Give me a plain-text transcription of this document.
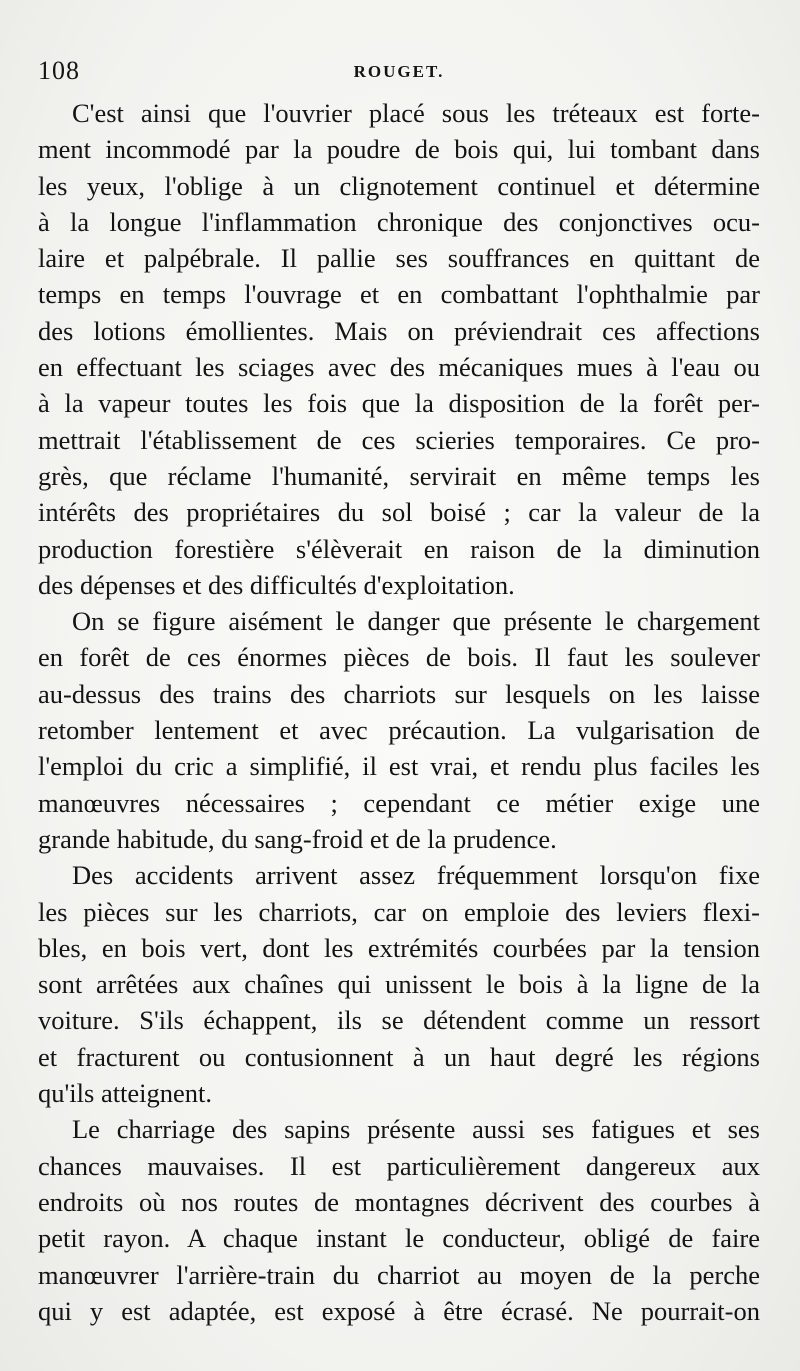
108	ROUGET.

C'est ainsi que l'ouvrier placé sous les tréteaux est forte-
ment incommodé par la poudre de bois qui, lui tombant dans
les yeux, l'oblige à un clignotement continuel et détermine
à la longue l'inflammation chronique des conjonctives ocu-
laire et palpébrale. Il pallie ses souffrances en quittant de
temps en temps l'ouvrage et en combattant l'ophthalmie par
des lotions émollientes. Mais on préviendrait ces affections
en effectuant les sciages avec des mécaniques mues à l'eau ou
à la vapeur toutes les fois que la disposition de la forêt per-
mettrait l'établissement de ces scieries temporaires. Ce pro-
grès, que réclame l'humanité, servirait en même temps les
intérêts des propriétaires du sol boisé ; car la valeur de la
production forestière s'élèverait en raison de la diminution
des dépenses et des difficultés d'exploitation.

On se figure aisément le danger que présente le chargement
en forêt de ces énormes pièces de bois. Il faut les soulever
au-dessus des trains des charriots sur lesquels on les laisse
retomber lentement et avec précaution. La vulgarisation de
l'emploi du cric a simplifié, il est vrai, et rendu plus faciles les
manœuvres nécessaires ; cependant ce métier exige une
grande habitude, du sang-froid et de la prudence.

Des accidents arrivent assez fréquemment lorsqu'on fixe
les pièces sur les charriots, car on emploie des leviers flexi-
bles, en bois vert, dont les extrémités courbées par la tension
sont arrêtées aux chaînes qui unissent le bois à la ligne de la
voiture. S'ils échappent, ils se détendent comme un ressort
et fracturent ou contusionnent à un haut degré les régions
qu'ils atteignent.

Le charriage des sapins présente aussi ses fatigues et ses
chances mauvaises. Il est particulièrement dangereux aux
endroits où nos routes de montagnes décrivent des courbes à
petit rayon. A chaque instant le conducteur, obligé de faire
manœuvrer l'arrière-train du charriot au moyen de la perche
qui y est adaptée, est exposé à être écrasé. Ne pourrait-on
